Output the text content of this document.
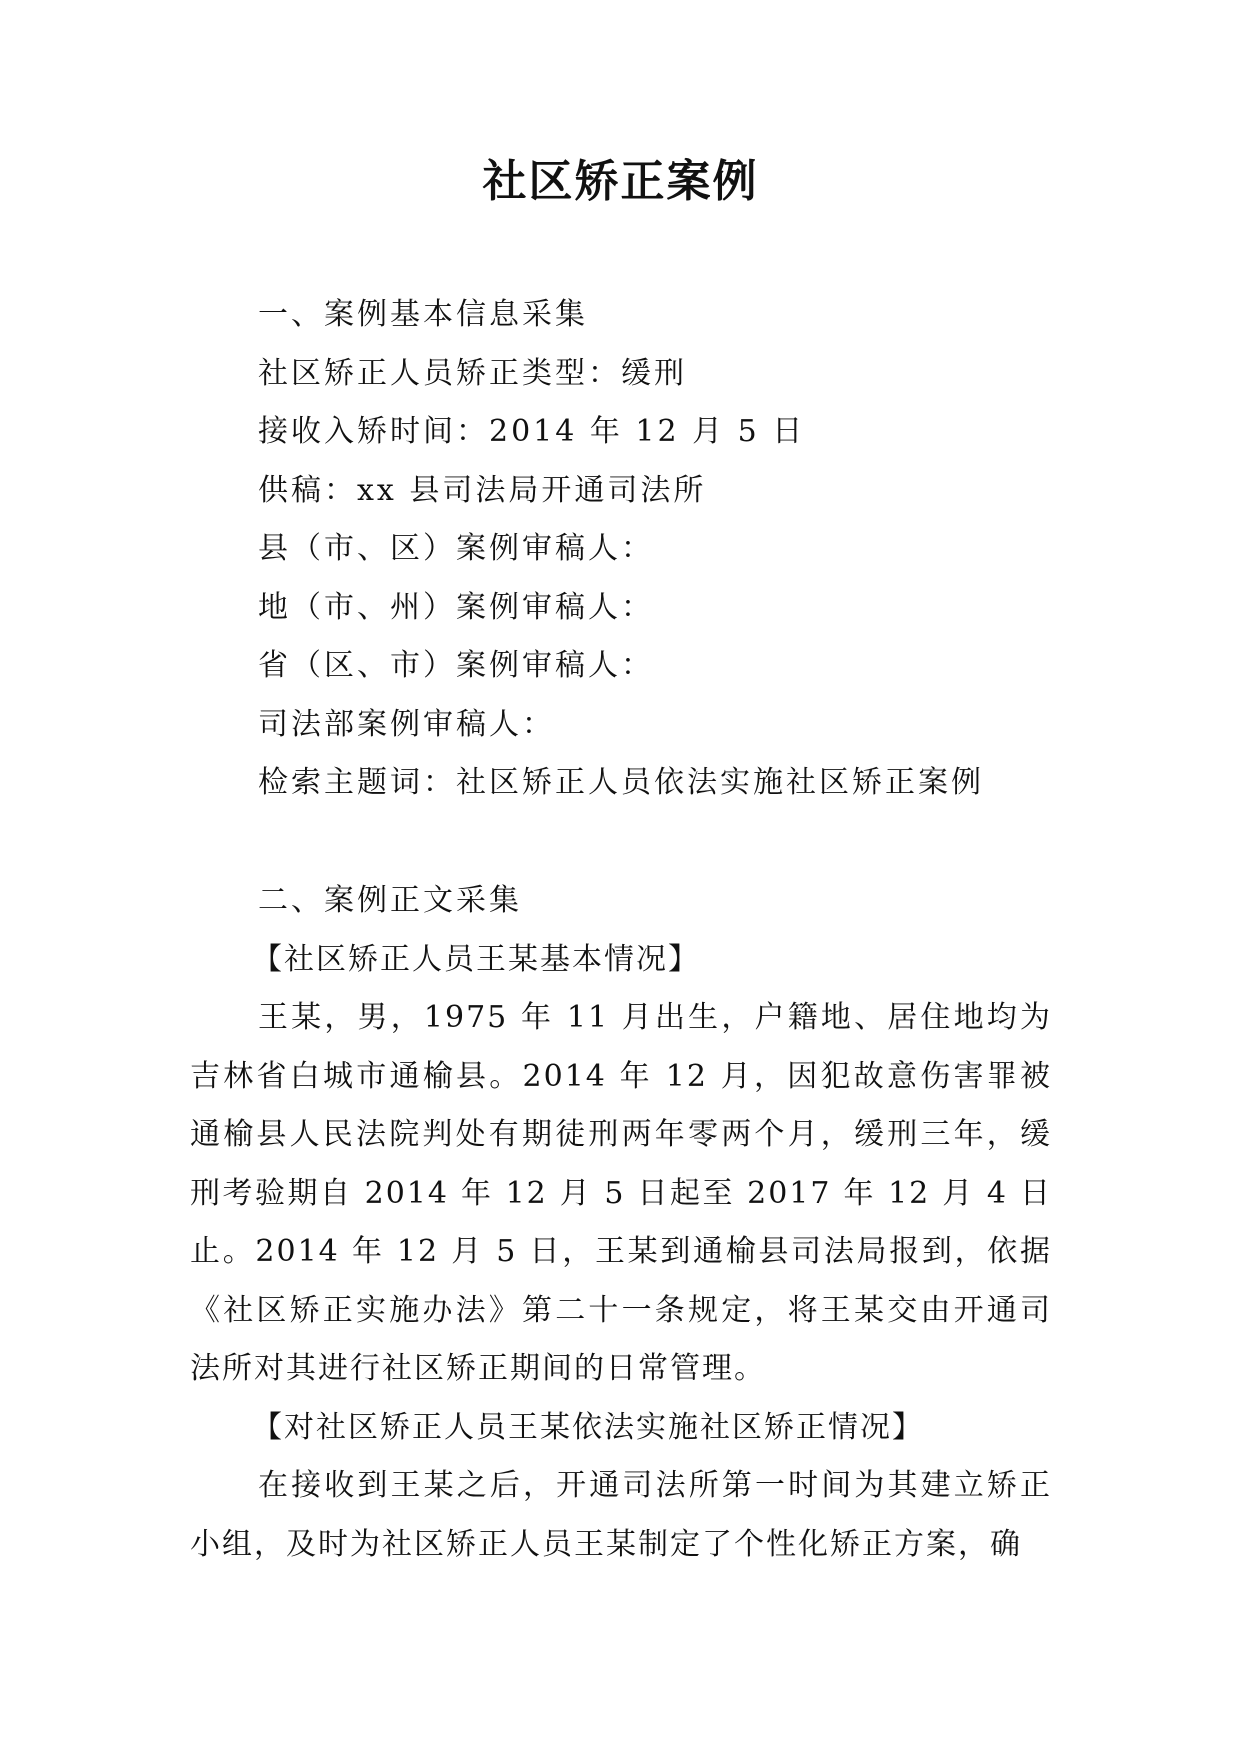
社区矫正案例

一、案例基本信息采集

社区矫正人员矫正类型：缓刑

接收入矫时间：2014 年 12 月 5 日

供稿：xx 县司法局开通司法所

县（市、区）案例审稿人：

地（市、州）案例审稿人：

省（区、市）案例审稿人：

司法部案例审稿人：

检索主题词：社区矫正人员依法实施社区矫正案例

二、案例正文采集

【社区矫正人员王某基本情况】

王某，男，1975 年 11 月出生，户籍地、居住地均为吉林省白城市通榆县。2014 年 12 月，因犯故意伤害罪被通榆县人民法院判处有期徒刑两年零两个月，缓刑三年，缓刑考验期自 2014 年 12 月 5 日起至 2017 年 12 月 4 日止。2014 年 12 月 5 日，王某到通榆县司法局报到，依据《社区矫正实施办法》第二十一条规定，将王某交由开通司法所对其进行社区矫正期间的日常管理。

【对社区矫正人员王某依法实施社区矫正情况】

在接收到王某之后，开通司法所第一时间为其建立矫正小组，及时为社区矫正人员王某制定了个性化矫正方案，确
